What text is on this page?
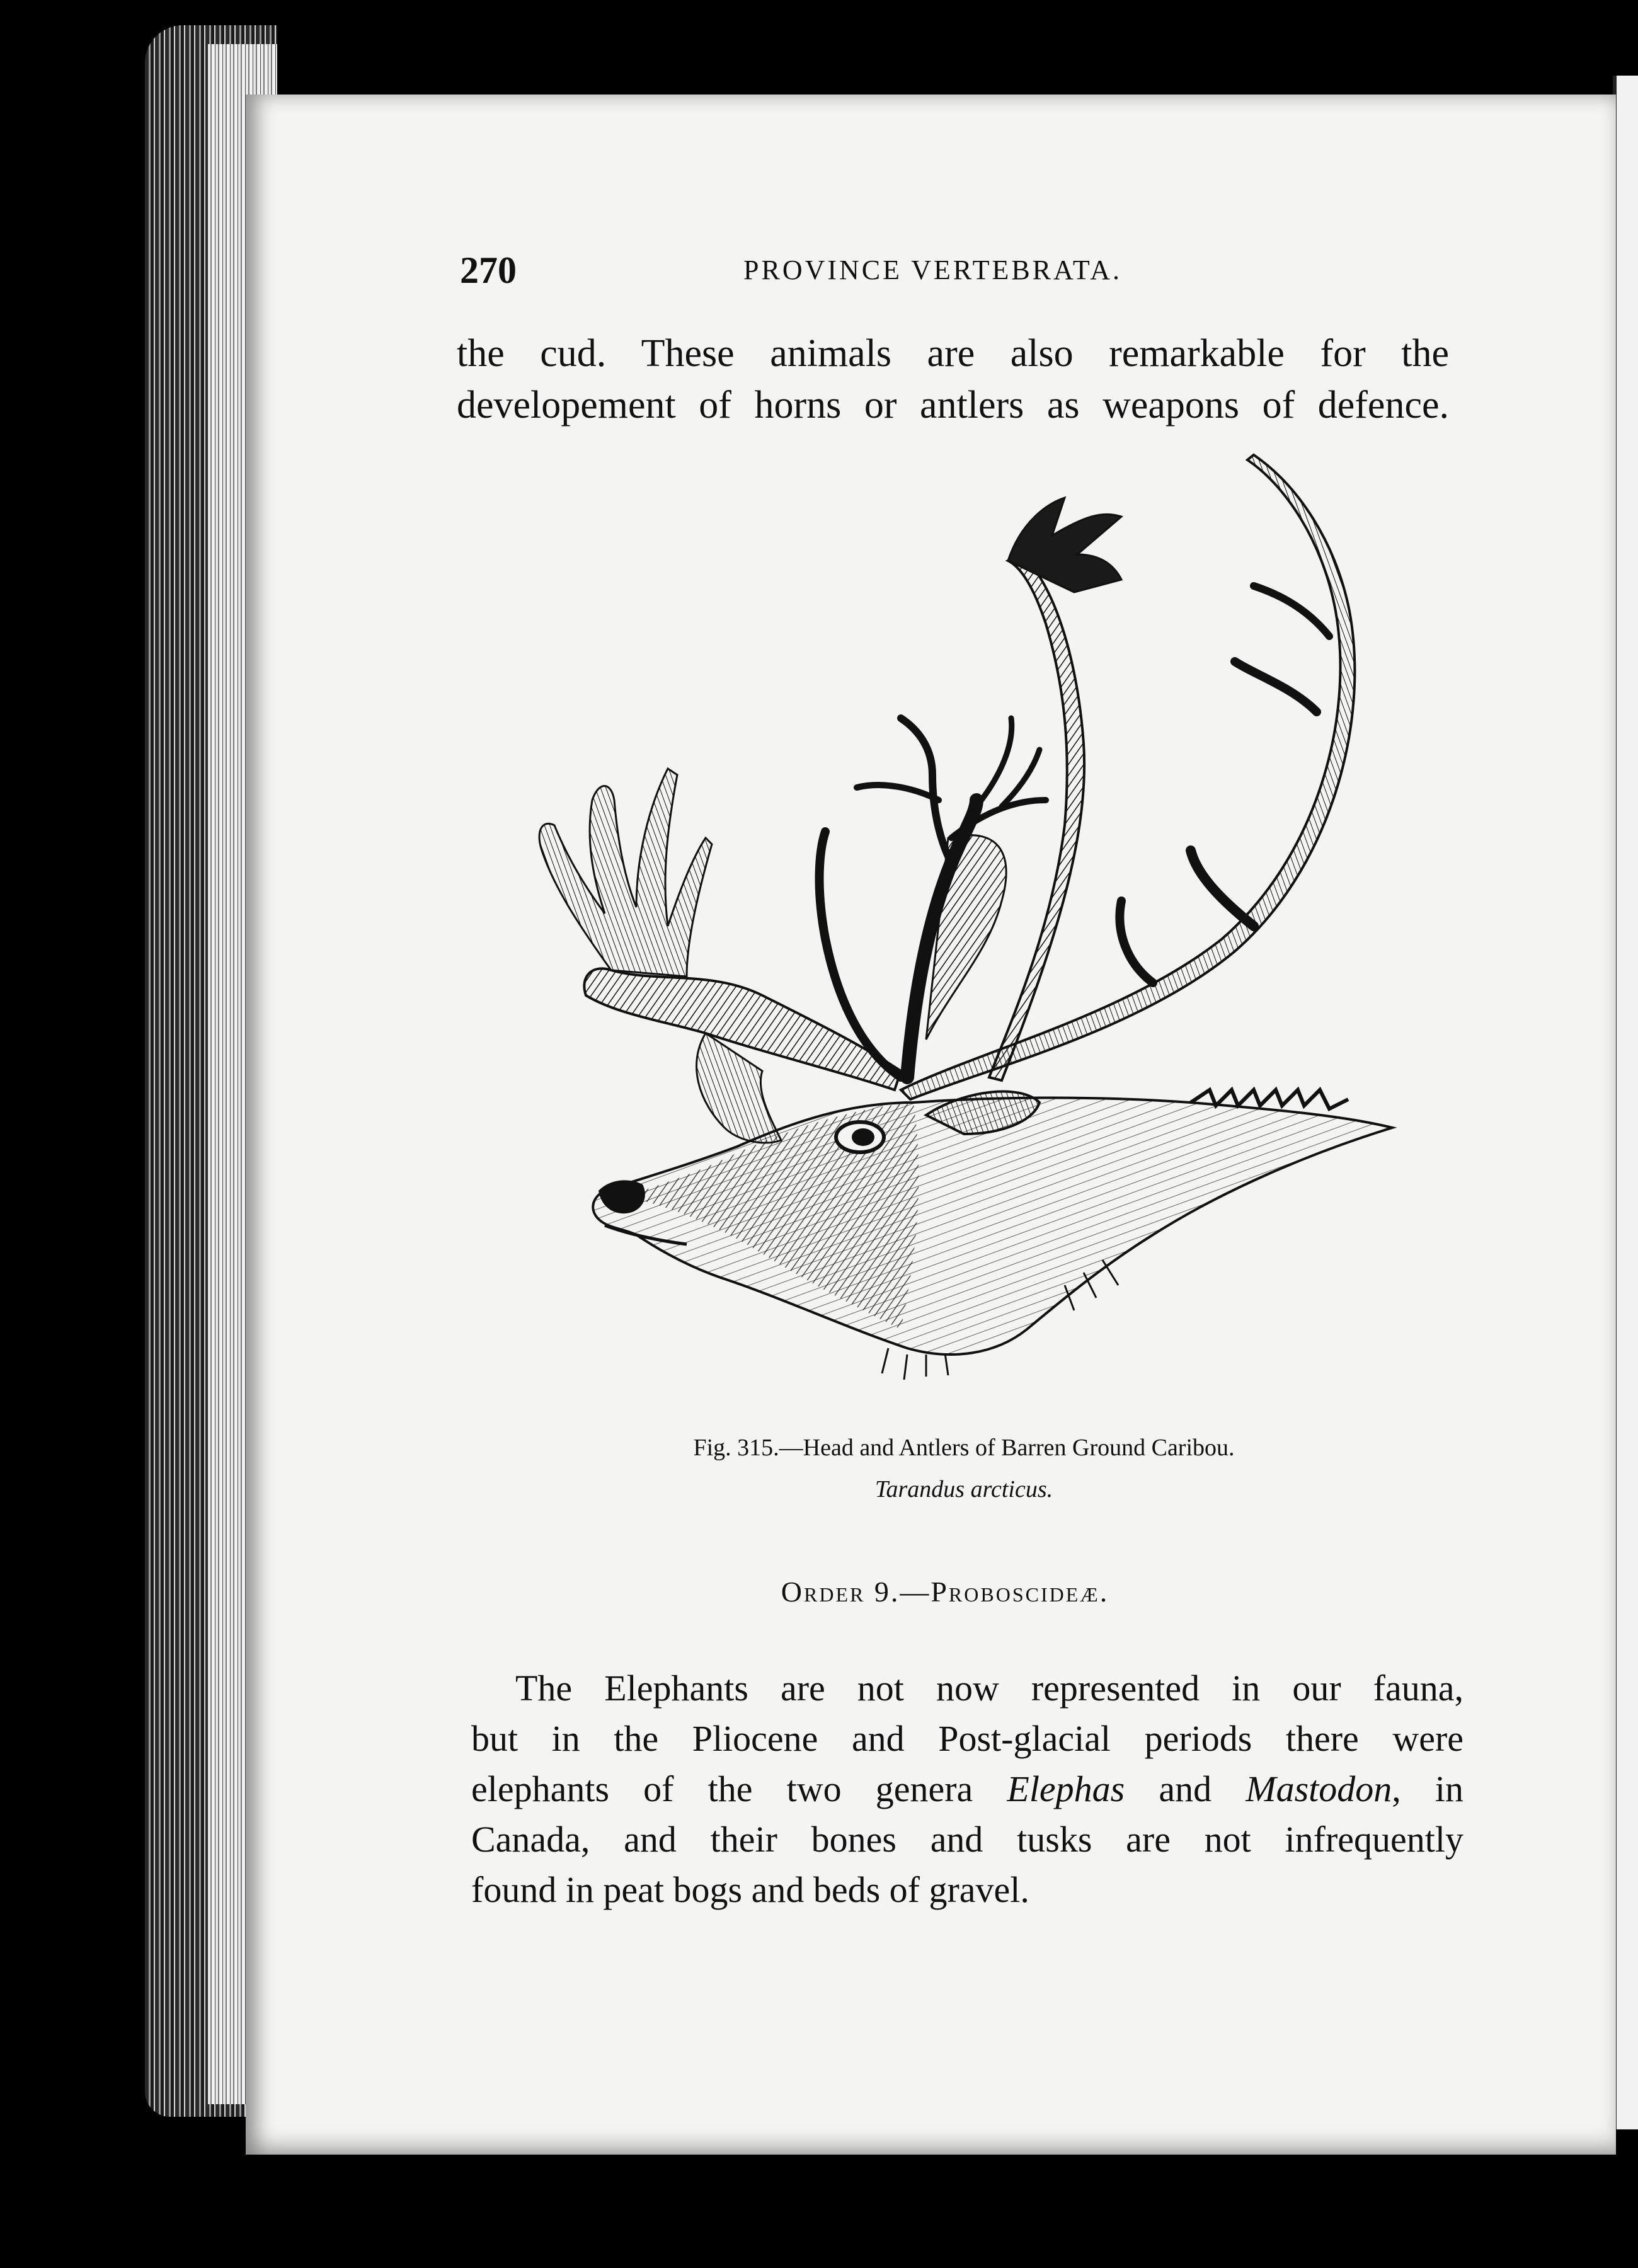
270	PROVINCE VERTEBRATA.
the cud. These animals are also remarkable for the
developement of horns or antlers as weapons of defence.
Fig. 315.—Head and Antlers of Barren Ground Caribou.
Tarandus arcticus.
Order 9.—Proboscideæ.
The Elephants are not now represented in our fauna,
but in the Pliocene and Post-glacial periods there were
elephants of the two genera Elephas and Mastodon, in
Canada, and their bones and tusks are not infrequently
found in peat bogs and beds of gravel.
